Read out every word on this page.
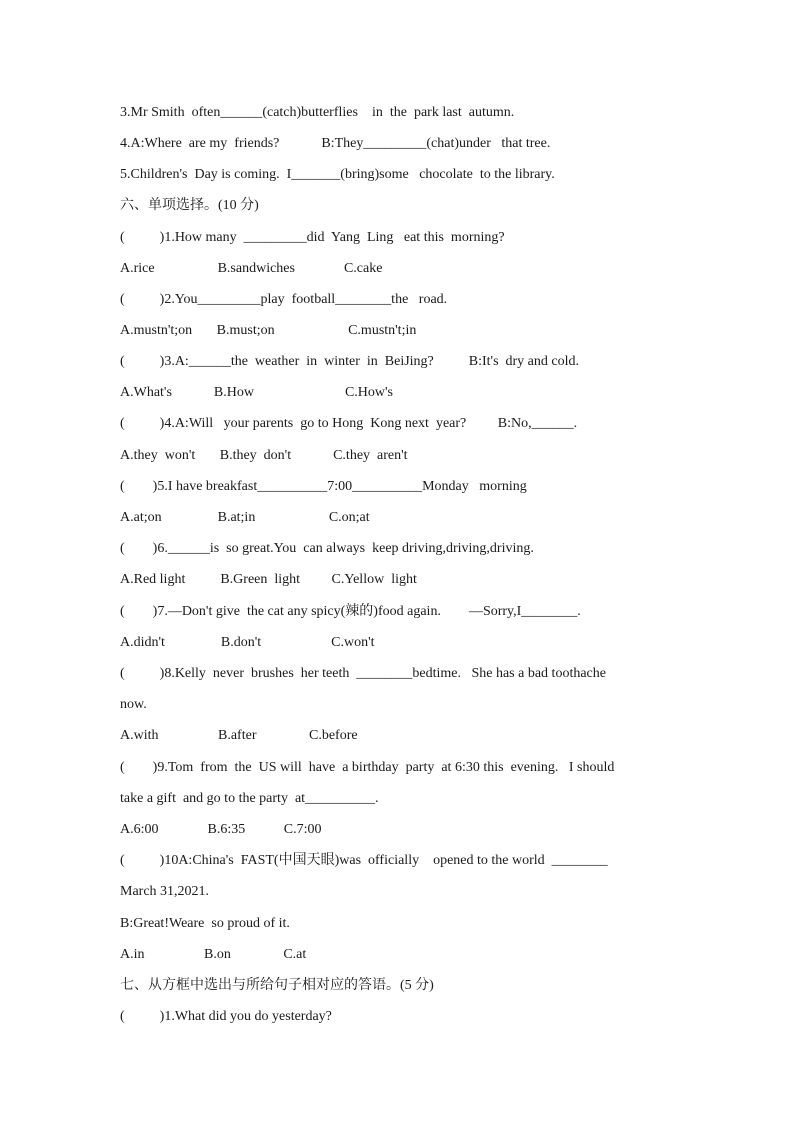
3.Mr Smith  often______(catch)butterflies    in  the  park last  autumn.
4.A:Where  are my  friends?            B:They_________(chat)under   that tree.
5.Children's  Day is coming.  I_______(bring)some   chocolate  to the library.
六、单项选择。(10 分)
(          )1.How many  _________did  Yang  Ling   eat this  morning?
A.rice                  B.sandwiches              C.cake
(          )2.You_________play  football________the   road.
A.mustn't;on       B.must;on                     C.mustn't;in
(          )3.A:______the  weather  in  winter  in  BeiJing?          B:It's  dry and cold.
A.What's            B.How                          C.How's
(          )4.A:Will   your parents  go to Hong  Kong next  year?         B:No,______.
A.they  won't       B.they  don't            C.they  aren't
(        )5.I have breakfast__________7:00__________Monday   morning
A.at;on                B.at;in                     C.on;at
(        )6.______is  so great.You  can always  keep driving,driving,driving.
A.Red light          B.Green  light         C.Yellow  light
(        )7.—Don't give  the cat any spicy(辣的)food again.        —Sorry,I________.
A.didn't                B.don't                    C.won't
(          )8.Kelly  never  brushes  her teeth  ________bedtime.   She has a bad toothache
now.
A.with                 B.after               C.before
(        )9.Tom  from  the  US will  have  a birthday  party  at 6:30 this  evening.   I should
take a gift  and go to the party  at__________.
A.6:00              B.6:35           C.7:00
(          )10A:China's  FAST(中国天眼)was  officially    opened to the world  ________
March 31,2021.
B:Great!Weare  so proud of it.
A.in                 B.on               C.at
七、从方框中选出与所给句子相对应的答语。(5 分)
(          )1.What did you do yesterday?
